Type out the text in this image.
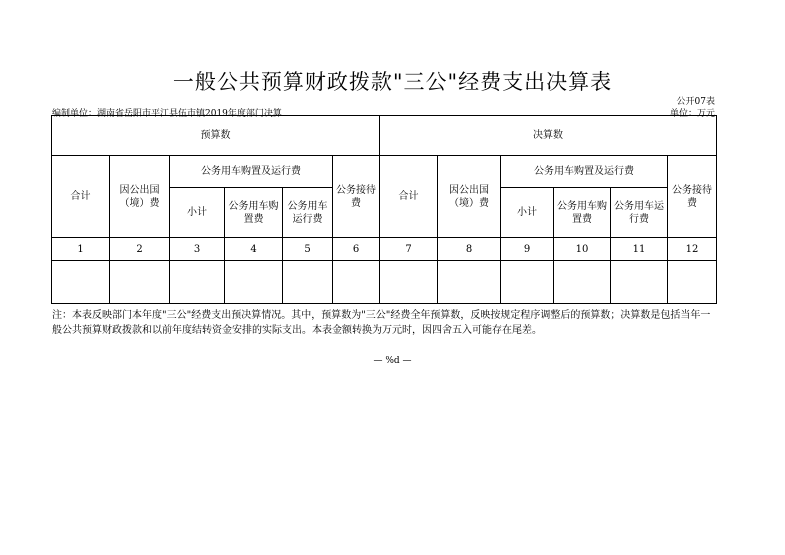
一般公共预算财政拨款"三公"经费支出决算表
公开07表
编制单位：湖南省岳阳市平江县伍市镇2019年度部门决算	单位：万元
预算数						决算数					
合计	因公出国（境）费	公务用车购置及运行费			公务接待费	合计	因公出国（境）费	公务用车购置及运行费			公务接待费
		小计	公务用车购置费	公务用车运行费				小计	公务用车购置费	公务用车运行费	
1	2	3	4	5	6	7	8	9	10	11	12

注：本表反映部门本年度"三公"经费支出预决算情况。其中，预算数为"三公"经费全年预算数，反映按规定程序调整后的预算数；决算数是包括当年一般公共预算财政拨款和以前年度结转资金安排的实际支出。本表金额转换为万元时，因四舍五入可能存在尾差。
— %d —
